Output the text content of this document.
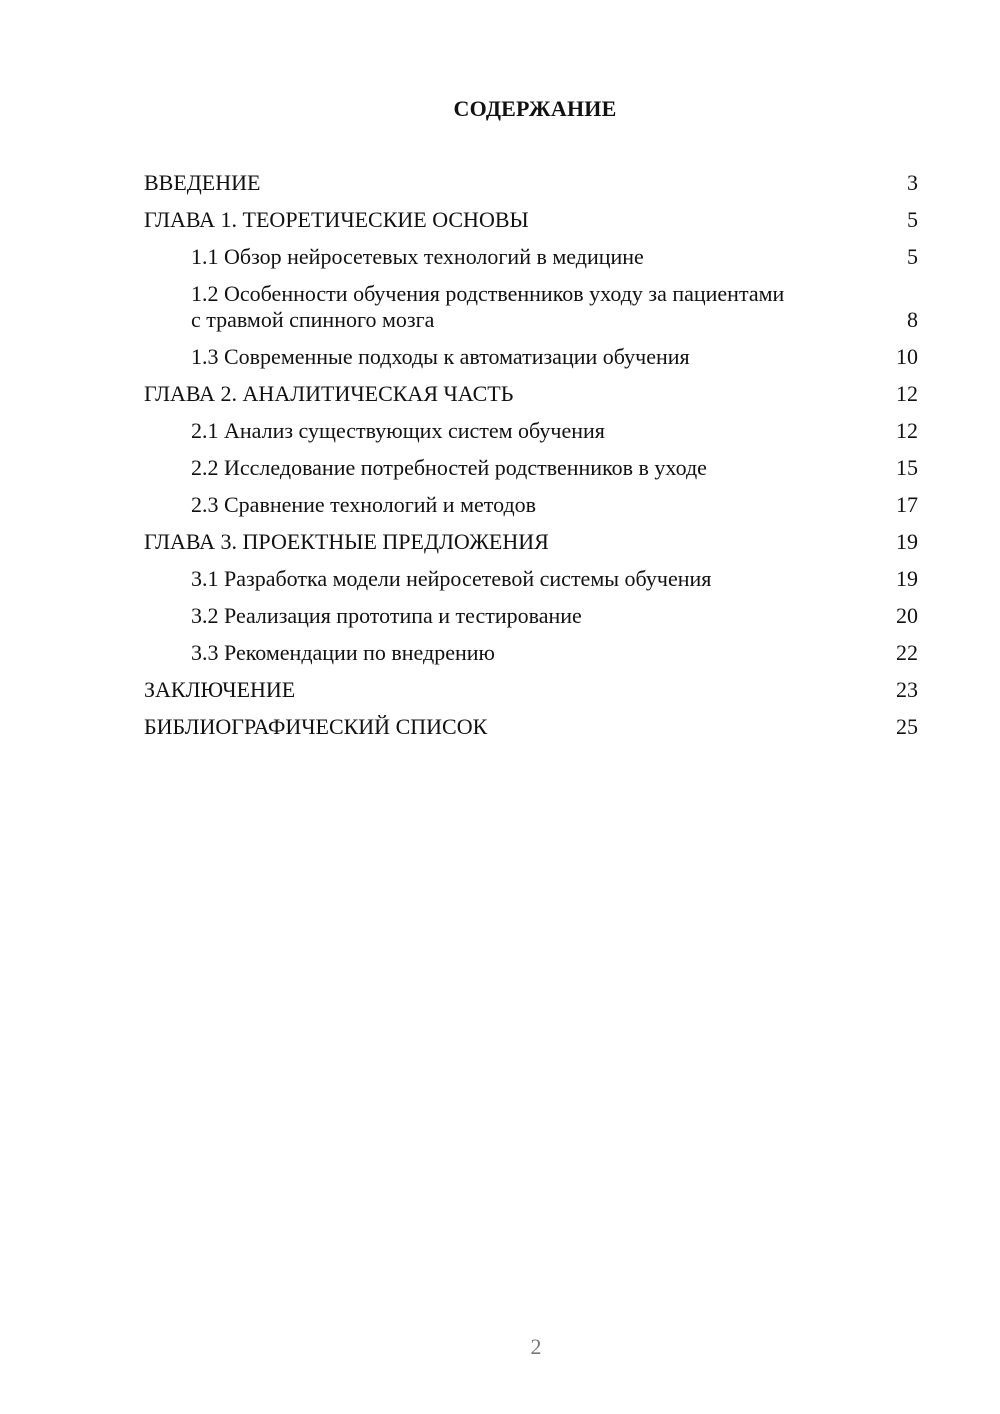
СОДЕРЖАНИЕ
ВВЕДЕНИЕ	3
ГЛАВА 1. ТЕОРЕТИЧЕСКИЕ ОСНОВЫ	5
1.1 Обзор нейросетевых технологий в медицине	5
1.2 Особенности обучения родственников уходу за пациентами с травмой спинного мозга	8
1.3 Современные подходы к автоматизации обучения	10
ГЛАВА 2. АНАЛИТИЧЕСКАЯ ЧАСТЬ	12
2.1 Анализ существующих систем обучения	12
2.2 Исследование потребностей родственников в уходе	15
2.3 Сравнение технологий и методов	17
ГЛАВА 3. ПРОЕКТНЫЕ ПРЕДЛОЖЕНИЯ	19
3.1 Разработка модели нейросетевой системы обучения	19
3.2 Реализация прототипа и тестирование	20
3.3 Рекомендации по внедрению	22
ЗАКЛЮЧЕНИЕ	23
БИБЛИОГРАФИЧЕСКИЙ СПИСОК	25
2
